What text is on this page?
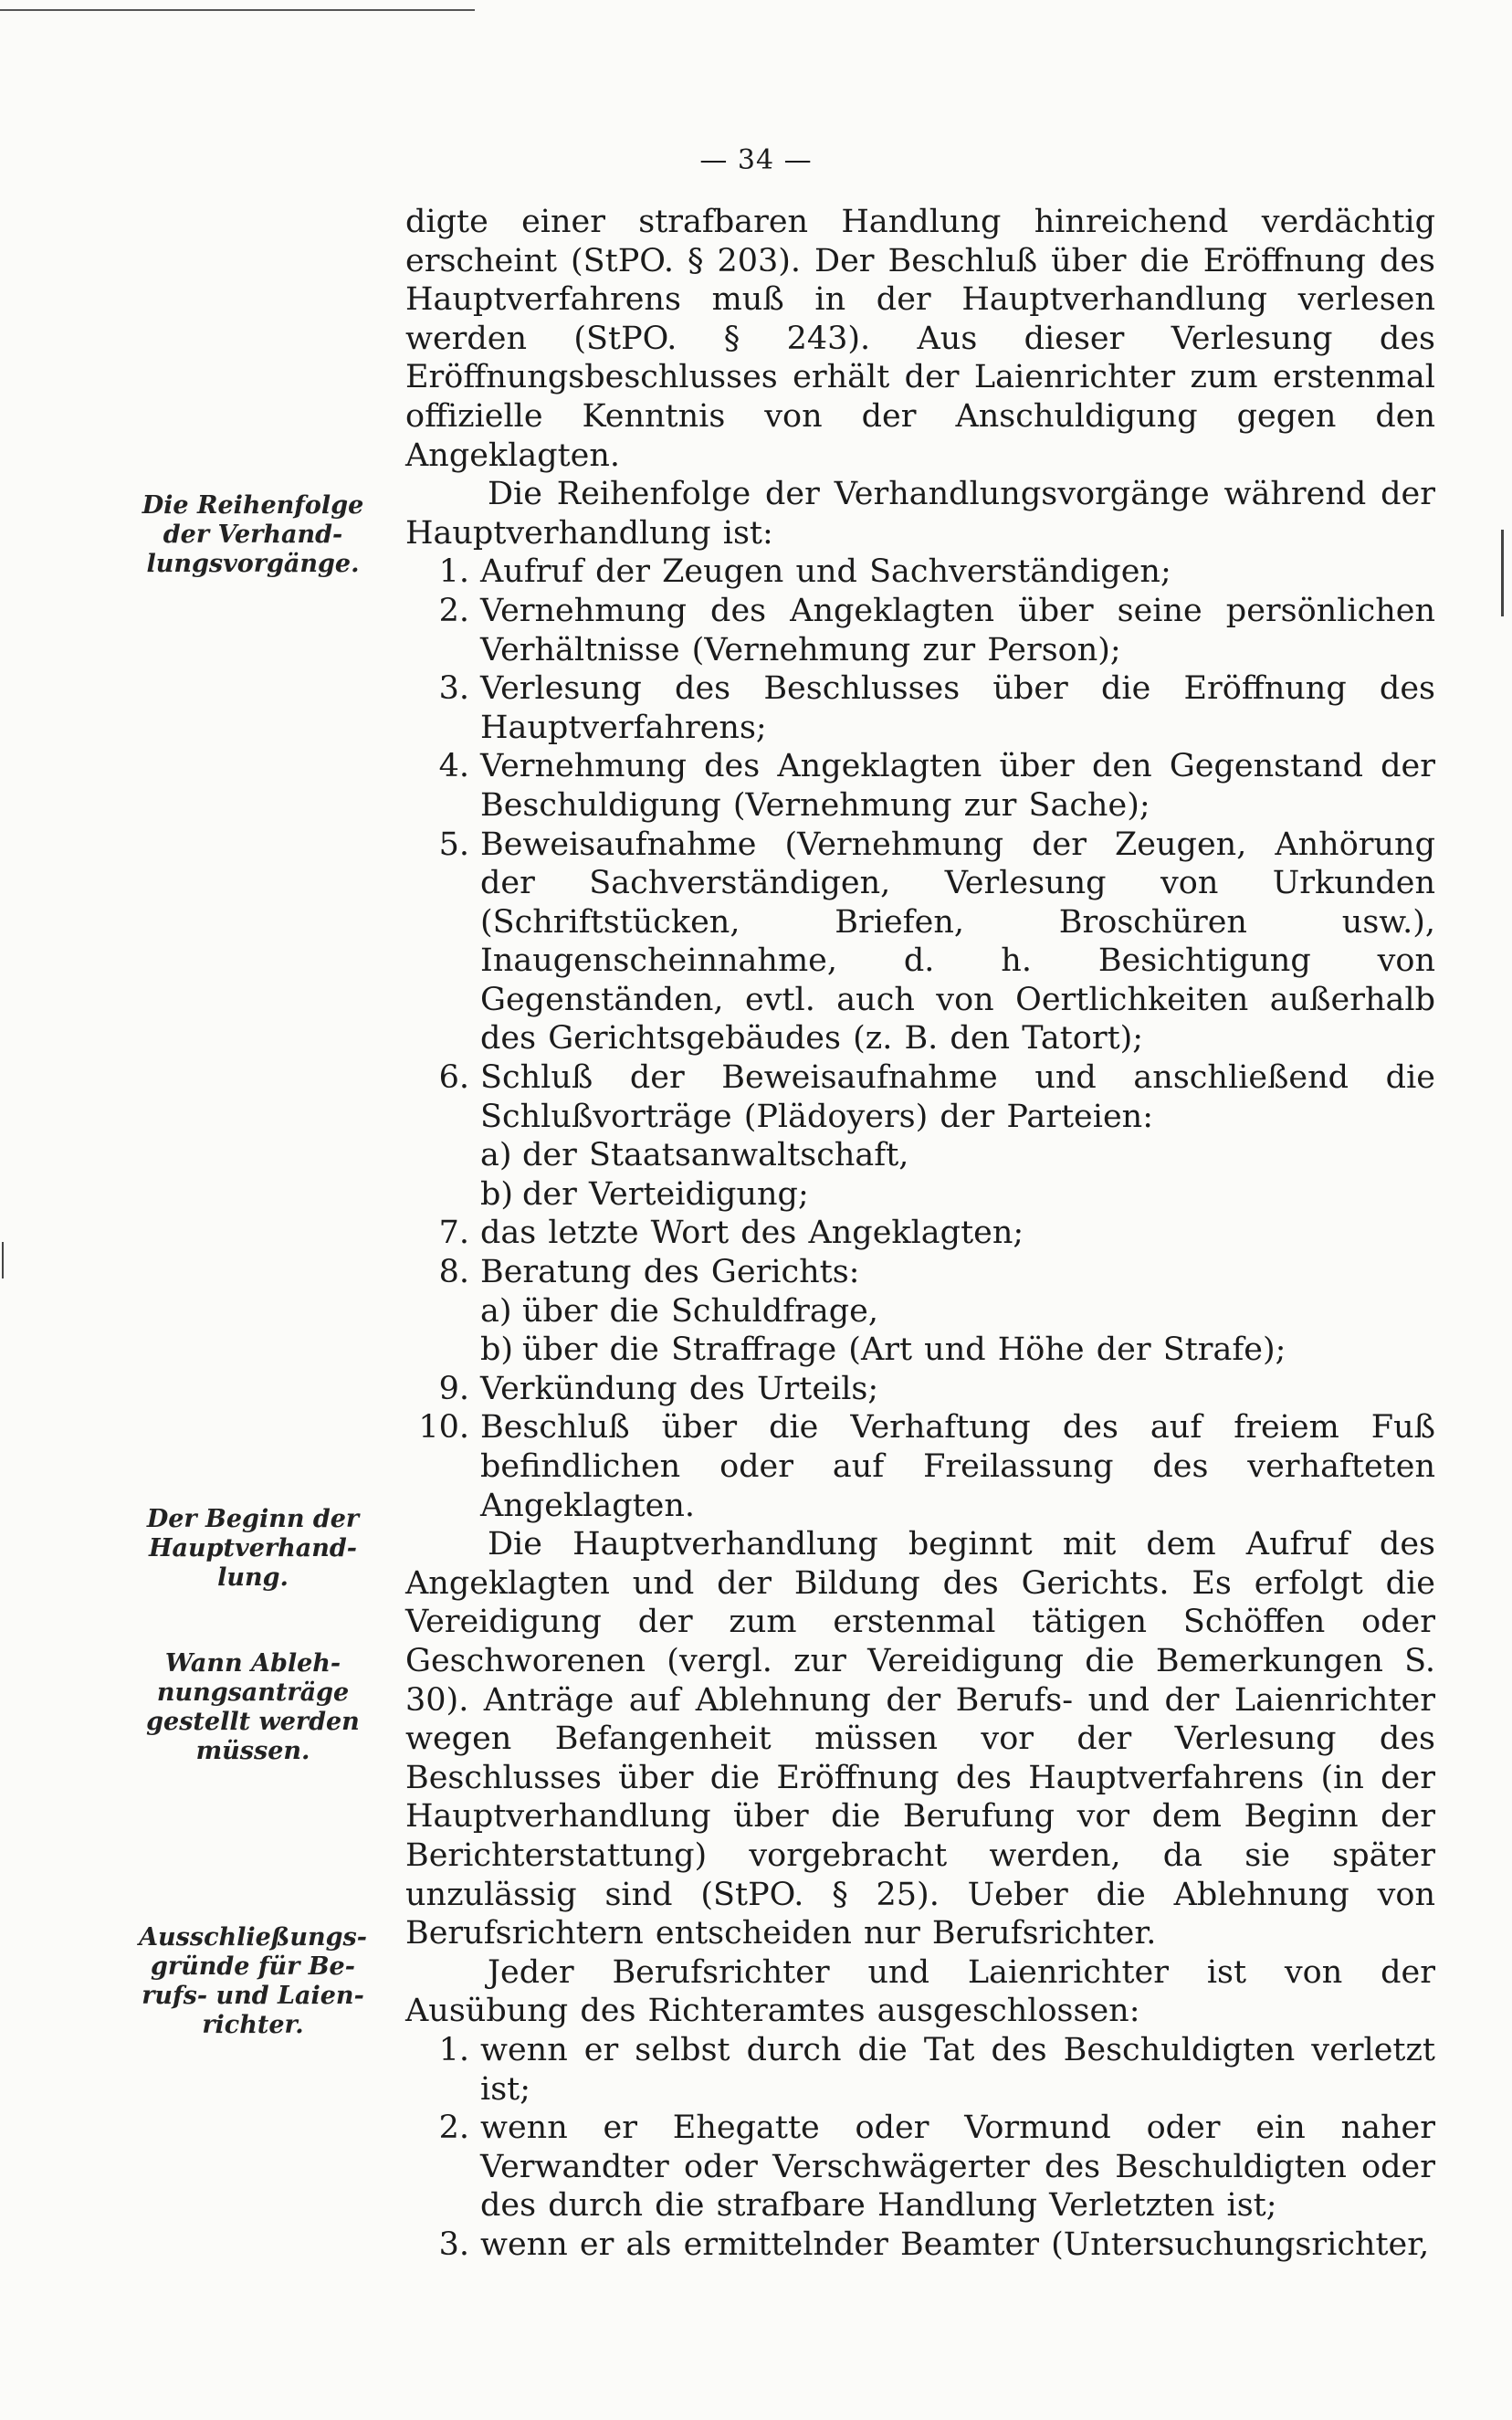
— 34 —
Die Reihenfolge
der Verhand-
lungsvorgänge.
Der Beginn der
Hauptverhand-
lung.
Wann Ableh-
nungsanträge
gestellt werden
müssen.
Ausschließungs-
gründe für Be-
rufs- und Laien-
richter.

digte einer strafbaren Handlung hinreichend verdächtig erscheint (StPO. § 203). Der Beschluß über die Eröffnung des Hauptverfahrens muß in der Hauptverhandlung verlesen werden (StPO. § 243). Aus dieser Verlesung des Eröffnungsbeschlusses erhält der Laienrichter zum erstenmal offizielle Kenntnis von der Anschuldigung gegen den Angeklagten.

Die Reihenfolge der Verhandlungsvorgänge während der Hauptverhandlung ist:

1. Aufruf der Zeugen und Sachverständigen;
2. Vernehmung des Angeklagten über seine persönlichen Verhältnisse (Vernehmung zur Person);
3. Verlesung des Beschlusses über die Eröffnung des Hauptverfahrens;
4. Vernehmung des Angeklagten über den Gegenstand der Beschuldigung (Vernehmung zur Sache);
5. Beweisaufnahme (Vernehmung der Zeugen, Anhörung der Sachverständigen, Verlesung von Urkunden (Schriftstücken, Briefen, Broschüren usw.), Inaugenscheinnahme, d. h. Besichtigung von Gegenständen, evtl. auch von Oertlichkeiten außerhalb des Gerichtsgebäudes (z. B. den Tatort);
6. Schluß der Beweisaufnahme und anschließend die Schlußvorträge (Plädoyers) der Parteien:
a) der Staatsanwaltschaft,
b) der Verteidigung;
7. das letzte Wort des Angeklagten;
8. Beratung des Gerichts:
a) über die Schuldfrage,
b) über die Straffrage (Art und Höhe der Strafe);
9. Verkündung des Urteils;
10. Beschluß über die Verhaftung des auf freiem Fuß befindlichen oder auf Freilassung des verhafteten Angeklagten.

Die Hauptverhandlung beginnt mit dem Aufruf des Angeklagten und der Bildung des Gerichts. Es erfolgt die Vereidigung der zum erstenmal tätigen Schöffen oder Geschworenen (vergl. zur Vereidigung die Bemerkungen S. 30). Anträge auf Ablehnung der Berufs- und der Laienrichter wegen Befangenheit müssen vor der Verlesung des Beschlusses über die Eröffnung des Hauptverfahrens (in der Hauptverhandlung über die Berufung vor dem Beginn der Berichterstattung) vorgebracht werden, da sie später unzulässig sind (StPO. § 25). Ueber die Ablehnung von Berufsrichtern entscheiden nur Berufsrichter.

Jeder Berufsrichter und Laienrichter ist von der Ausübung des Richteramtes ausgeschlossen:

1. wenn er selbst durch die Tat des Beschuldigten verletzt ist;
2. wenn er Ehegatte oder Vormund oder ein naher Verwandter oder Verschwägerter des Beschuldigten oder des durch die strafbare Handlung Verletzten ist;
3. wenn er als ermittelnder Beamter (Untersuchungsrichter,
